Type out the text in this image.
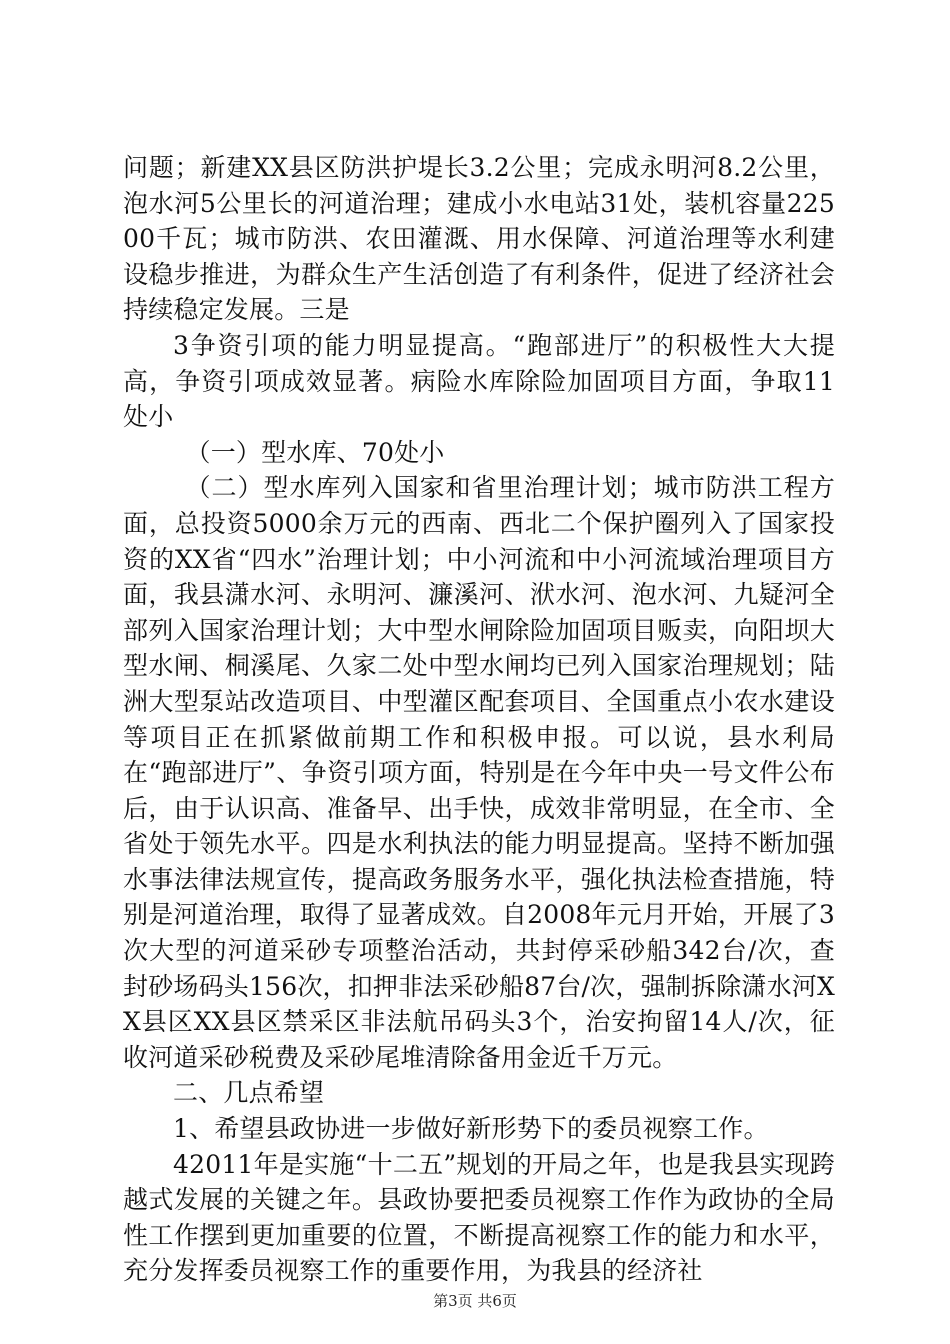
问题；新建XX县区防洪护堤长3.2公里；完成永明河8.2公里，泡水河5公里长的河道治理；建成小水电站31处，装机容量22500千瓦；城市防洪、农田灌溉、用水保障、河道治理等水利建设稳步推进，为群众生产生活创造了有利条件，促进了经济社会持续稳定发展。三是

3争资引项的能力明显提高。“跑部进厅”的积极性大大提高，争资引项成效显著。病险水库除险加固项目方面，争取11处小

（一）型水库、70处小

（二）型水库列入国家和省里治理计划；城市防洪工程方面，总投资5000余万元的西南、西北二个保护圈列入了国家投资的XX省“四水”治理计划；中小河流和中小河流域治理项目方面，我县潇水河、永明河、濂溪河、洑水河、泡水河、九疑河全部列入国家治理计划；大中型水闸除险加固项目贩卖，向阳坝大型水闸、桐溪尾、久家二处中型水闸均已列入国家治理规划；陆洲大型泵站改造项目、中型灌区配套项目、全国重点小农水建设等项目正在抓紧做前期工作和积极申报。可以说，县水利局在“跑部进厅”、争资引项方面，特别是在今年中央一号文件公布后，由于认识高、准备早、出手快，成效非常明显，在全市、全省处于领先水平。四是水利执法的能力明显提高。坚持不断加强水事法律法规宣传，提高政务服务水平，强化执法检查措施，特别是河道治理，取得了显著成效。自2008年元月开始，开展了3次大型的河道采砂专项整治活动，共封停采砂船342台/次，查封砂场码头156次，扣押非法采砂船87台/次，强制拆除潇水河XX县区XX县区禁采区非法航吊码头3个，治安拘留14人/次，征收河道采砂税费及采砂尾堆清除备用金近千万元。

二、几点希望

1、希望县政协进一步做好新形势下的委员视察工作。

42011年是实施“十二五”规划的开局之年，也是我县实现跨越式发展的关键之年。县政协要把委员视察工作作为政协的全局性工作摆到更加重要的位置，不断提高视察工作的能力和水平，充分发挥委员视察工作的重要作用，为我县的经济社

第3页 共6页
